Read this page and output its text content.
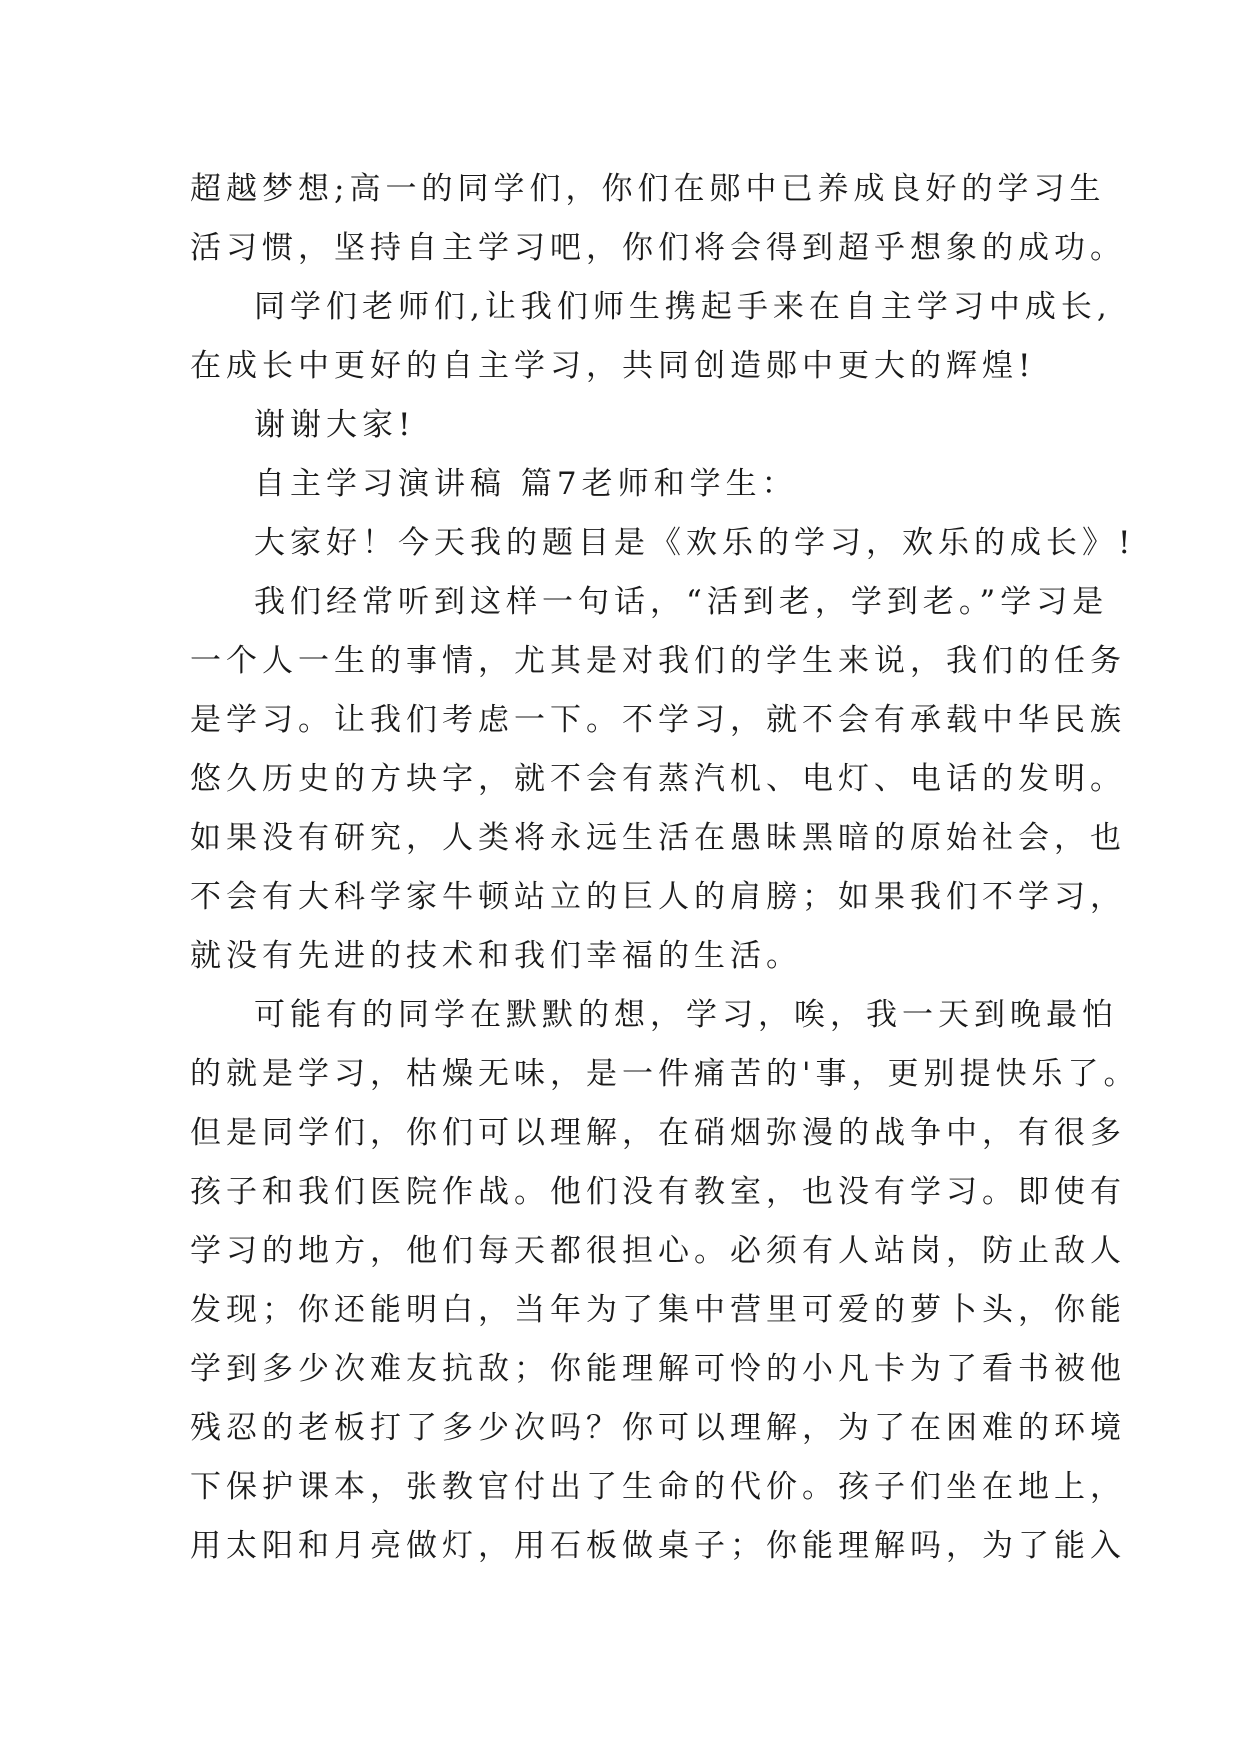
超越梦想;高一的同学们，你们在郧中已养成良好的学习生
活习惯，坚持自主学习吧，你们将会得到超乎想象的成功。
同学们老师们,让我们师生携起手来在自主学习中成长,
在成长中更好的自主学习，共同创造郧中更大的辉煌!
谢谢大家!
自主学习演讲稿 篇7老师和学生：
大家好！今天我的题目是《欢乐的学习，欢乐的成长》!
我们经常听到这样一句话，“活到老，学到老。”学习是
一个人一生的事情，尤其是对我们的学生来说，我们的任务
是学习。让我们考虑一下。不学习，就不会有承载中华民族
悠久历史的方块字，就不会有蒸汽机、电灯、电话的发明。
如果没有研究，人类将永远生活在愚昧黑暗的原始社会，也
不会有大科学家牛顿站立的巨人的肩膀；如果我们不学习，
就没有先进的技术和我们幸福的生活。
可能有的同学在默默的想，学习，唉，我一天到晚最怕
的就是学习，枯燥无味，是一件痛苦的'事，更别提快乐了。
但是同学们，你们可以理解，在硝烟弥漫的战争中，有很多
孩子和我们医院作战。他们没有教室，也没有学习。即使有
学习的地方，他们每天都很担心。必须有人站岗，防止敌人
发现；你还能明白，当年为了集中营里可爱的萝卜头，你能
学到多少次难友抗敌；你能理解可怜的小凡卡为了看书被他
残忍的老板打了多少次吗？你可以理解，为了在困难的环境
下保护课本，张教官付出了生命的代价。孩子们坐在地上，
用太阳和月亮做灯，用石板做桌子；你能理解吗，为了能入
